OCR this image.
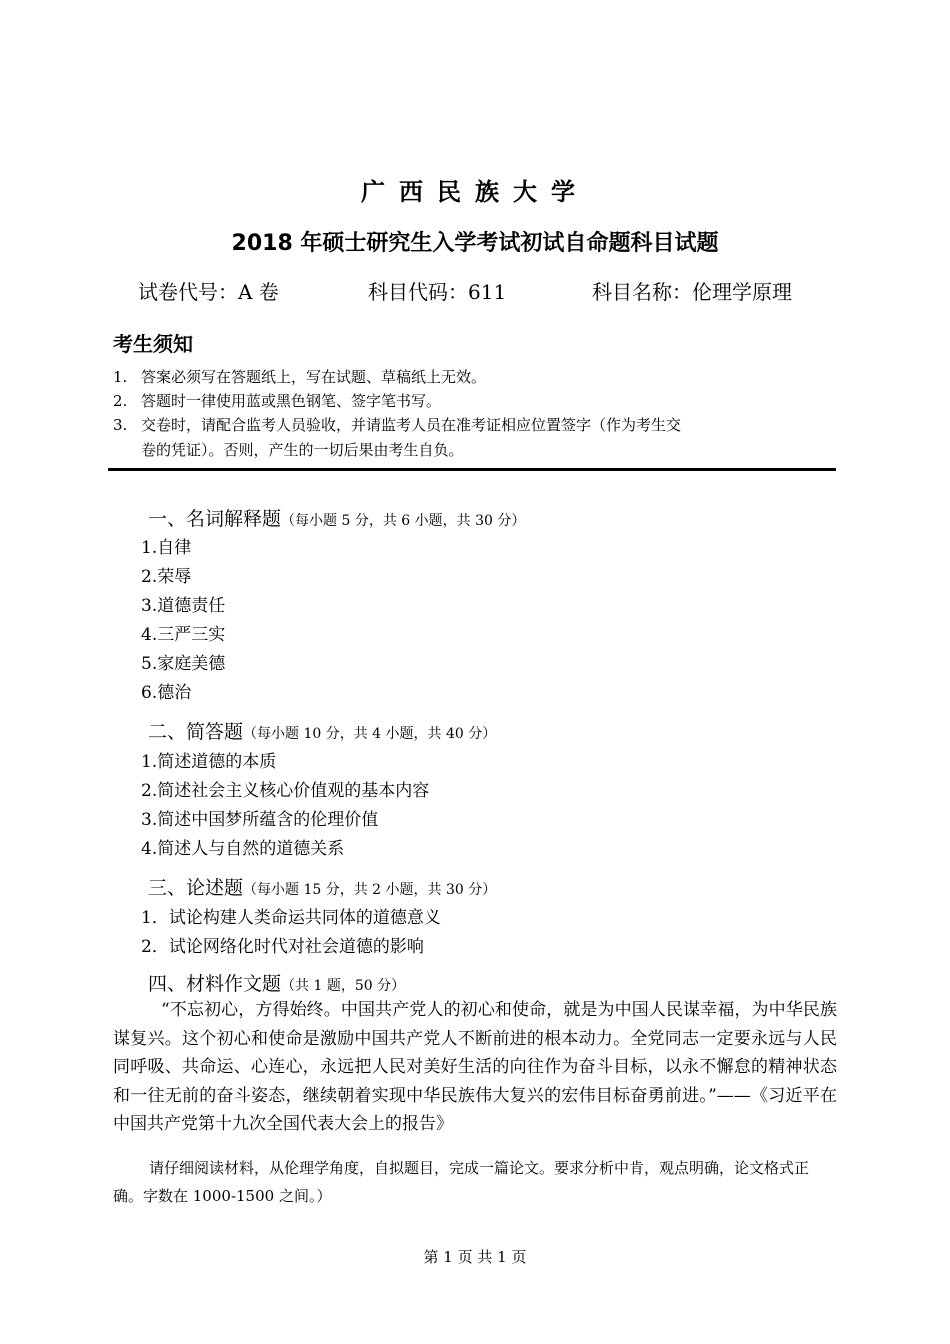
广西民族大学
2018 年硕士研究生入学考试初试自命题科目试题
试卷代号：A 卷	科目代码：611	科目名称：伦理学原理
考生须知
1. 答案必须写在答题纸上，写在试题、草稿纸上无效。
2. 答题时一律使用蓝或黑色钢笔、签字笔书写。
3. 交卷时，请配合监考人员验收，并请监考人员在准考证相应位置签字（作为考生交
卷的凭证）。否则，产生的一切后果由考生自负。
一、名词解释题（每小题 5 分，共 6 小题，共 30 分）
1.自律
2.荣辱
3.道德责任
4.三严三实
5.家庭美德
6.德治
二、简答题（每小题 10 分，共 4 小题，共 40 分）
1.简述道德的本质
2.简述社会主义核心价值观的基本内容
3.简述中国梦所蕴含的伦理价值
4.简述人与自然的道德关系
三、论述题（每小题 15 分，共 2 小题，共 30 分）
1．试论构建人类命运共同体的道德意义
2．试论网络化时代对社会道德的影响
四、材料作文题（共 1 题，50 分）
“不忘初心，方得始终。中国共产党人的初心和使命，就是为中国人民谋幸福，为中华民族谋复兴。这个初心和使命是激励中国共产党人不断前进的根本动力。全党同志一定要永远与人民同呼吸、共命运、心连心，永远把人民对美好生活的向往作为奋斗目标，以永不懈怠的精神状态和一往无前的奋斗姿态，继续朝着实现中华民族伟大复兴的宏伟目标奋勇前进。”——《习近平在中国共产党第十九次全国代表大会上的报告》
请仔细阅读材料，从伦理学角度，自拟题目，完成一篇论文。要求分析中肯，观点明确，论文格式正确。字数在 1000-1500 之间。）
第 1 页 共 1 页
